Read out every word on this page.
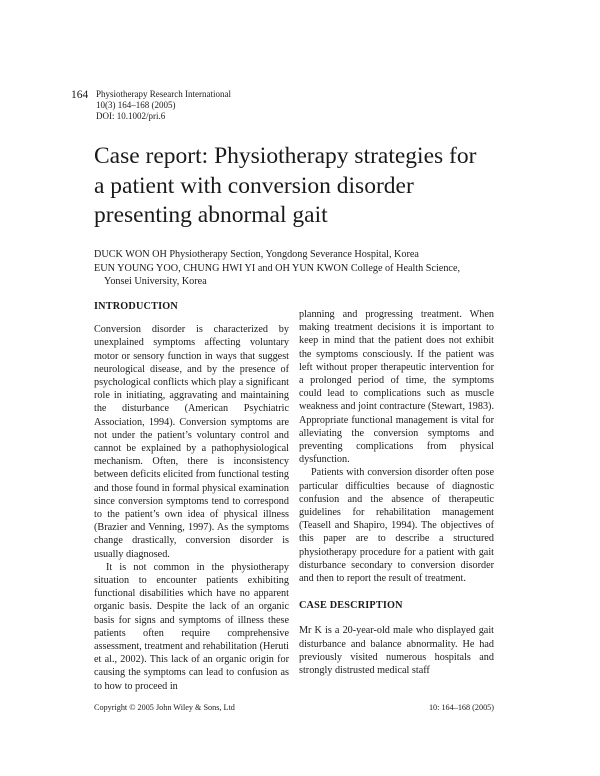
164 Physiotherapy Research International
10(3) 164–168 (2005)
DOI: 10.1002/pri.6
Case report: Physiotherapy strategies for
a patient with conversion disorder
presenting abnormal gait
DUCK WON OH Physiotherapy Section, Yongdong Severance Hospital, Korea
EUN YOUNG YOO, CHUNG HWI YI and OH YUN KWON College of Health Science,
Yonsei University, Korea
INTRODUCTION

Conversion disorder is characterized by unexplained symptoms affecting voluntary motor or sensory function in ways that suggest neurological disease, and by the presence of psychological conflicts which play a significant role in initiating, aggravating and maintaining the disturbance (American Psychiatric Association, 1994). Conversion symptoms are not under the patient’s voluntary control and cannot be explained by a pathophysiological mechanism. Often, there is inconsistency between deficits elicited from functional testing and those found in formal physical examination since conversion symptoms tend to correspond to the patient’s own idea of physical illness (Brazier and Venning, 1997). As the symptoms change drastically, conversion disorder is usually diagnosed.

It is not common in the physiotherapy situation to encounter patients exhibiting functional disabilities which have no apparent organic basis. Despite the lack of an organic basis for signs and symptoms of illness these patients often require comprehensive assessment, treatment and rehabilitation (Heruti et al., 2002). This lack of an organic origin for causing the symptoms can lead to confusion as to how to proceed in

planning and progressing treatment. When making treatment decisions it is important to keep in mind that the patient does not exhibit the symptoms consciously. If the patient was left without proper therapeutic intervention for a prolonged period of time, the symptoms could lead to complications such as muscle weakness and joint contracture (Stewart, 1983). Appropriate functional management is vital for alleviating the conversion symptoms and preventing complications from physical dysfunction.

Patients with conversion disorder often pose particular difficulties because of diagnostic confusion and the absence of therapeutic guidelines for rehabilitation management (Teasell and Shapiro, 1994). The objectives of this paper are to describe a structured physiotherapy procedure for a patient with gait disturbance secondary to conversion disorder and then to report the result of treatment.

CASE DESCRIPTION

Mr K is a 20-year-old male who displayed gait disturbance and balance abnormality. He had previously visited numerous hospitals and strongly distrusted medical staff

Copyright © 2005 John Wiley & Sons, Ltd	10: 164–168 (2005)
